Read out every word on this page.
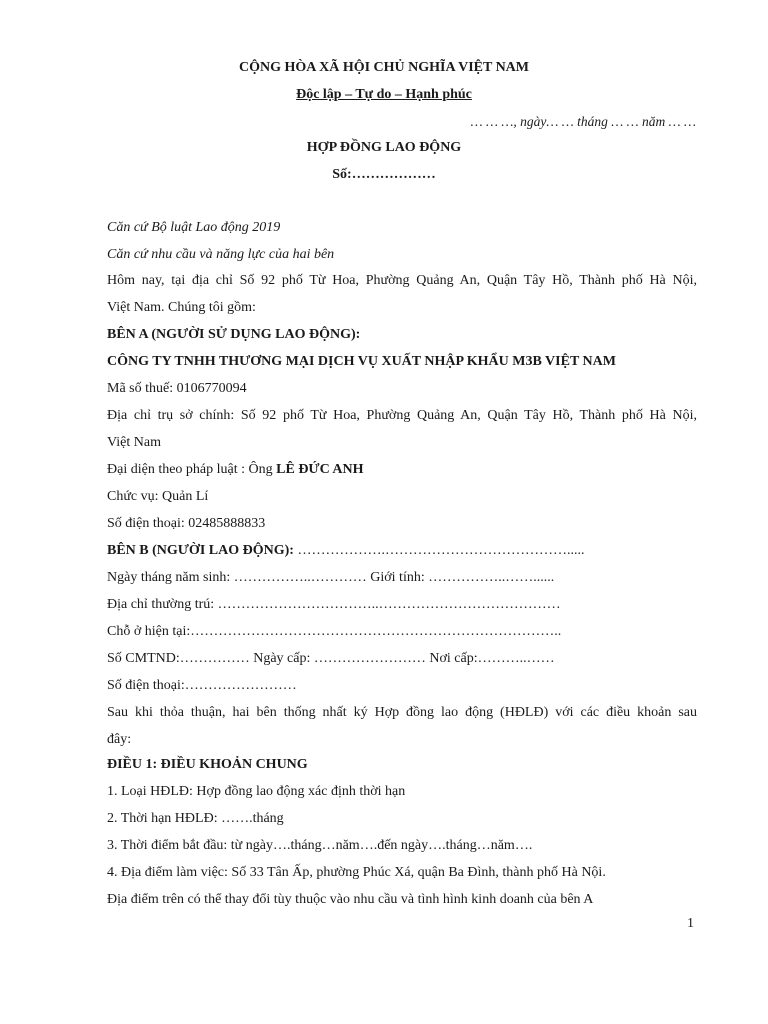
CỘNG HÒA XÃ HỘI CHỦ NGHĨA VIỆT NAM
Độc lập – Tự do – Hạnh phúc
… … …, ngày… … tháng … … năm … …
HỢP ĐỒNG LAO ĐỘNG
Số:………………
Căn cứ Bộ luật Lao động 2019
Căn cứ nhu cầu và năng lực của hai bên
Hôm nay, tại địa chỉ Số 92 phố Từ Hoa, Phường Quảng An, Quận Tây Hồ, Thành phố Hà Nội,
Việt Nam. Chúng tôi gồm:
BÊN A (NGƯỜI SỬ DỤNG LAO ĐỘNG):
CÔNG TY TNHH THƯƠNG MẠI DỊCH VỤ XUẤT NHẬP KHẨU M3B VIỆT NAM
Mã số thuế: 0106770094
Địa chỉ trụ sở chính: Số 92 phố Từ Hoa, Phường Quảng An, Quận Tây Hồ, Thành phố Hà Nội,
Việt Nam
Đại diện theo pháp luật : Ông LÊ ĐỨC ANH
Chức vụ: Quản Lí
Số điện thoại: 02485888833
BÊN B (NGƯỜI LAO ĐỘNG): ……………….………………………………….....
Ngày tháng năm sinh: ……………..………… Giới tính: ……………..……......
Địa chỉ thường trú: ……………………………..…………………………………
Chỗ ở hiện tại:……………………………………………………………………..
Số CMTND:…………… Ngày cấp: …………………… Nơi cấp:………..……
Số điện thoại:……………………
Sau khi thỏa thuận, hai bên thống nhất ký Hợp đồng lao động (HĐLĐ) với các điều khoản sau
đây:
ĐIỀU 1: ĐIỀU KHOẢN CHUNG
1. Loại HĐLĐ: Hợp đồng lao động xác định thời hạn
2. Thời hạn HĐLĐ: …….tháng
3. Thời điểm bắt đầu: từ ngày….tháng…năm….đến ngày….tháng…năm….
4. Địa điểm làm việc: Số 33 Tân Ấp, phường Phúc Xá, quận Ba Đình, thành phố Hà Nội.
Địa điểm trên có thể thay đổi tùy thuộc vào nhu cầu và tình hình kinh doanh của bên A
1
